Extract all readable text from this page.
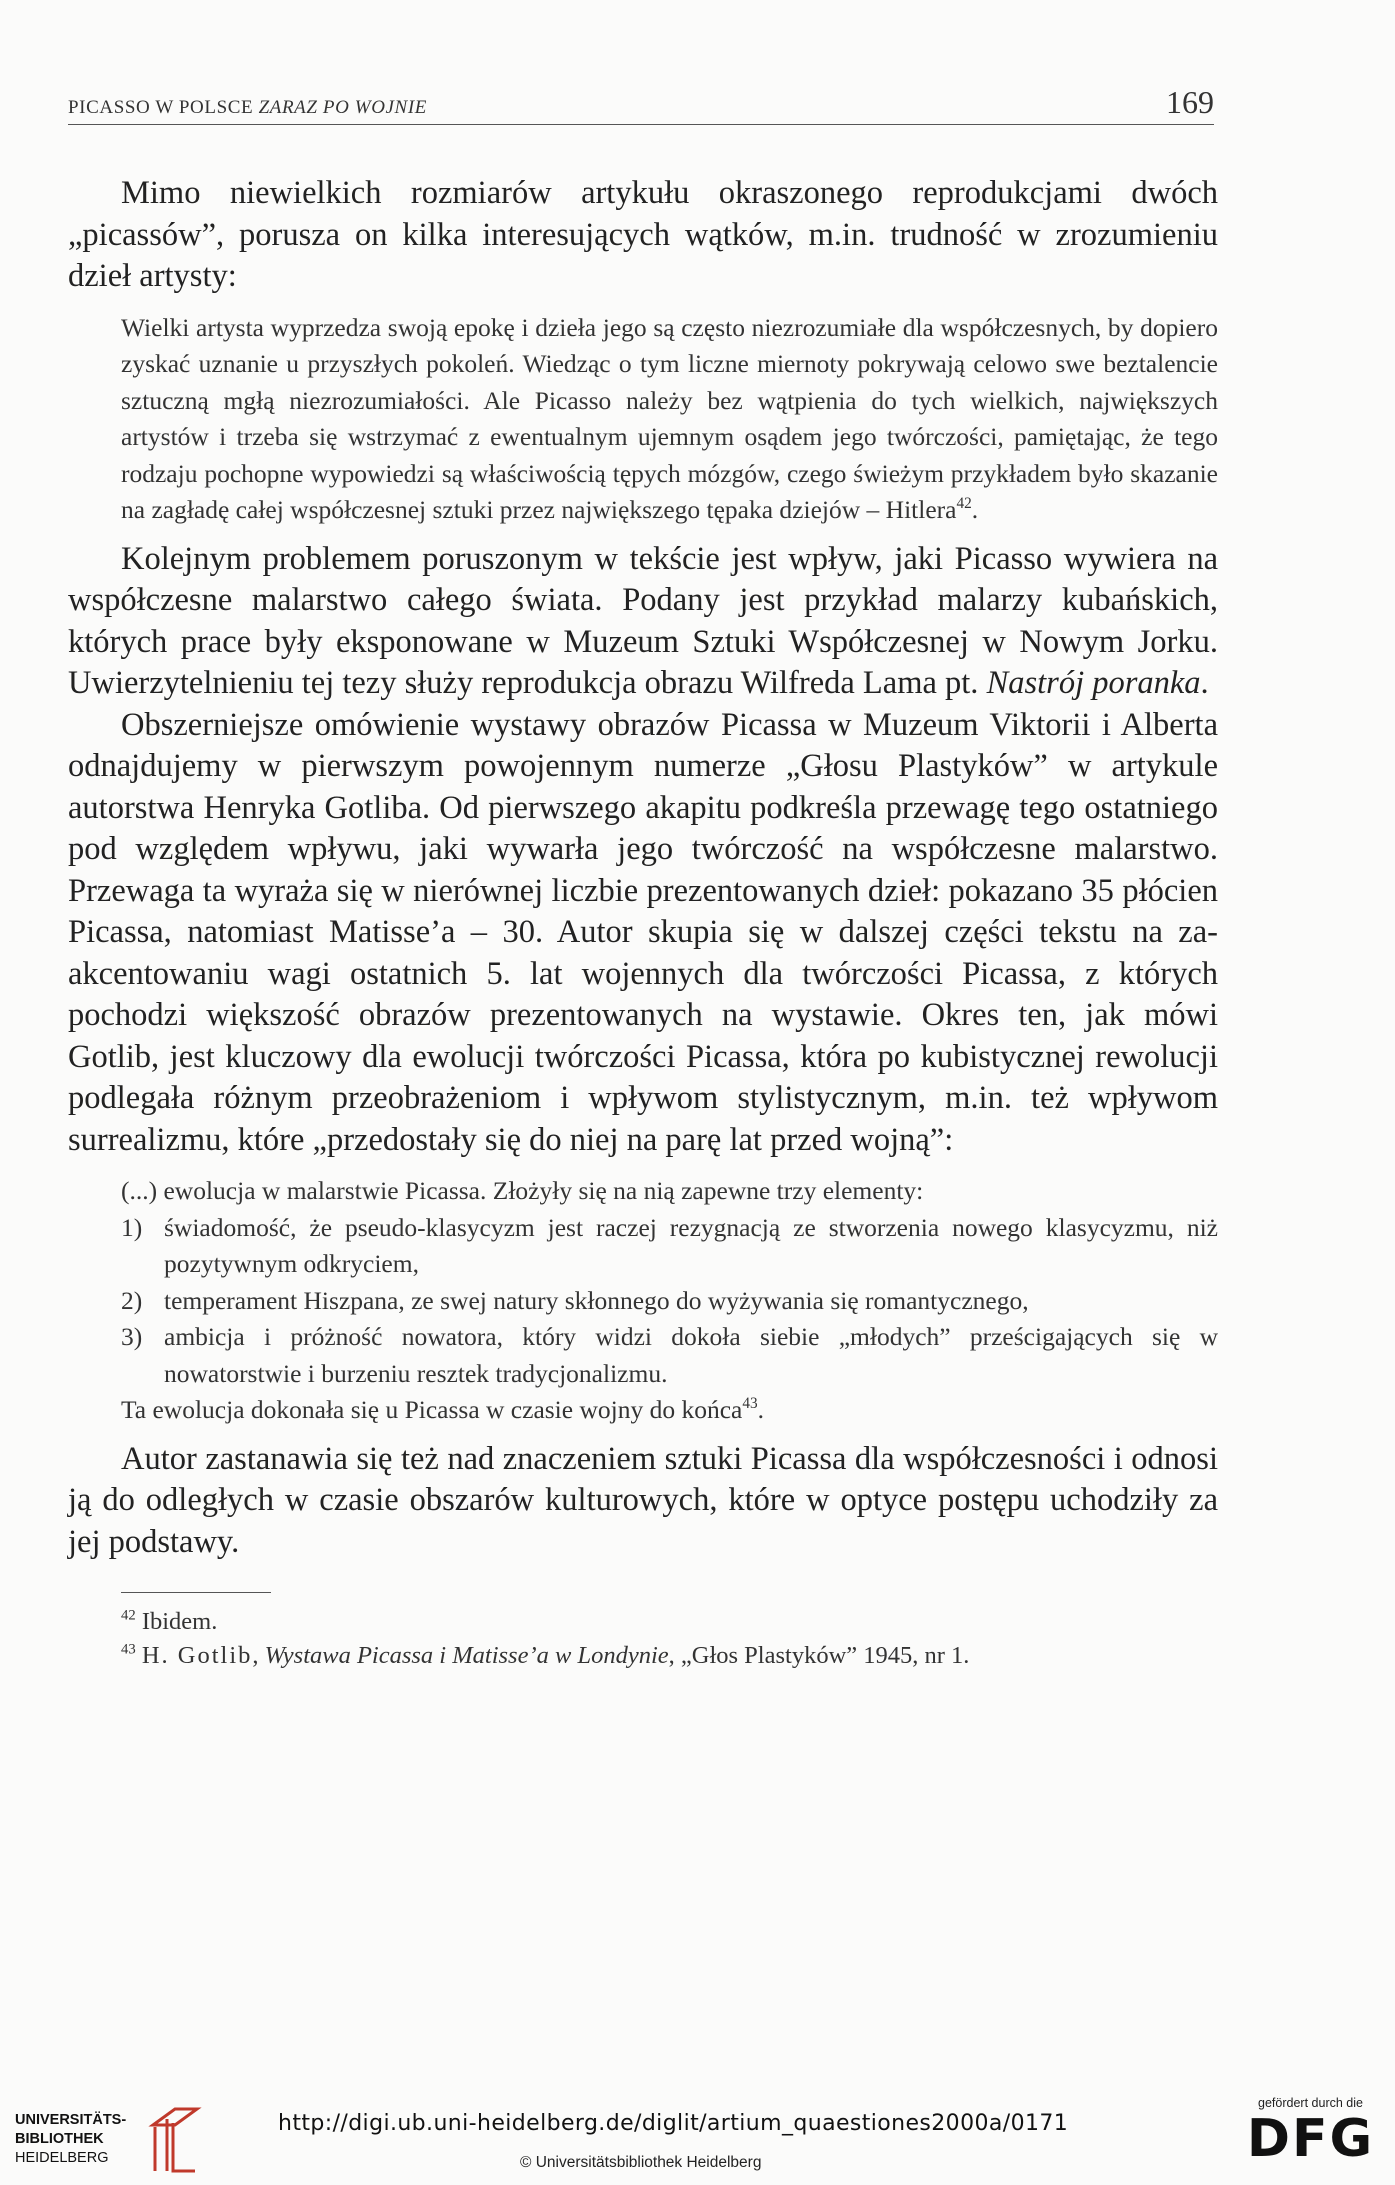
PICASSO W POLSCE ZARAZ PO WOJNIE	169

Mimo niewielkich rozmiarów artykułu okraszonego reprodukcjami dwóch „picassów”, porusza on kilka interesujących wątków, m.in. trudność w zrozumieniu dzieł artysty:

Wielki artysta wyprzedza swoją epokę i dzieła jego są często niezrozumiałe dla współczesnych, by dopiero zyskać uznanie u przyszłych pokoleń. Wiedząc o tym liczne miernoty pokrywają celowo swe beztalencie sztuczną mgłą niezrozumiałości. Ale Picasso należy bez wątpienia do tych wielkich, największych artystów i trzeba się wstrzymać z ewentualnym ujemnym osądem jego twórczości, pamiętając, że tego rodzaju pochopne wypowiedzi są właściwością tępych mózgów, czego świeżym przykładem było skazanie na zagładę całej współczesnej sztuki przez największego tępaka dziejów – Hitlera$^{42}$.

Kolejnym problemem poruszonym w tekście jest wpływ, jaki Picasso wywiera na współczesne malarstwo całego świata. Podany jest przykład malarzy kubańskich, których prace były eksponowane w Muzeum Sztuki Współczesnej w Nowym Jorku. Uwierzytelnieniu tej tezy służy reprodukcja obrazu Wilfreda Lama pt. Nastrój poranka.

Obszerniejsze omówienie wystawy obrazów Picassa w Muzeum Viktorii i Alberta odnajdujemy w pierwszym powojennym numerze „Głosu Plastyków” w artykule autorstwa Henryka Gotliba. Od pierwszego akapitu podkreśla przewagę tego ostatniego pod względem wpływu, jaki wywarła jego twórczość na współczesne malarstwo. Przewaga ta wyraża się w nierównej liczbie prezentowanych dzieł: pokazano 35 płócien Picassa, natomiast Matisse’a – 30. Autor skupia się w dalszej części tekstu na zaakcentowaniu wagi ostatnich 5. lat wojennych dla twórczości Picassa, z których pochodzi większość obrazów prezentowanych na wystawie. Okres ten, jak mówi Gotlib, jest kluczowy dla ewolucji twórczości Picassa, która po kubistycznej rewolucji podlegała różnym przeobrażeniom i wpływom stylistycznym, m.in. też wpływom surrealizmu, które „przedostały się do niej na parę lat przed wojną”:

(...) ewolucja w malarstwie Picassa. Złożyły się na nią zapewne trzy elementy:

1) świadomość, że pseudo-klasycyzm jest raczej rezygnacją ze stworzenia nowego klasycyzmu, niż pozytywnym odkryciem,
2) temperament Hiszpana, ze swej natury skłonnego do wyżywania się romantycznego,
3) ambicja i próżność nowatora, który widzi dokoła siebie „młodych” prześcigających się w nowatorstwie i burzeniu resztek tradycjonalizmu.

Ta ewolucja dokonała się u Picassa w czasie wojny do końca$^{43}$.

Autor zastanawia się też nad znaczeniem sztuki Picassa dla współczesności i odnosi ją do odległych w czasie obszarów kulturowych, które w optyce postępu uchodziły za jej podstawy.

$^{42}$ Ibidem.

$^{43}$ H. Gotlib, Wystawa Picassa i Matisse’a w Londynie, „Głos Plastyków” 1945, nr 1.

UNIVERSITÄTS-
BIBLIOTHEK
HEIDELBERG
http://digi.ub.uni-heidelberg.de/diglit/artium_quaestiones2000a/0171
© Universitätsbibliothek Heidelberg
gefördert durch die
DFG
